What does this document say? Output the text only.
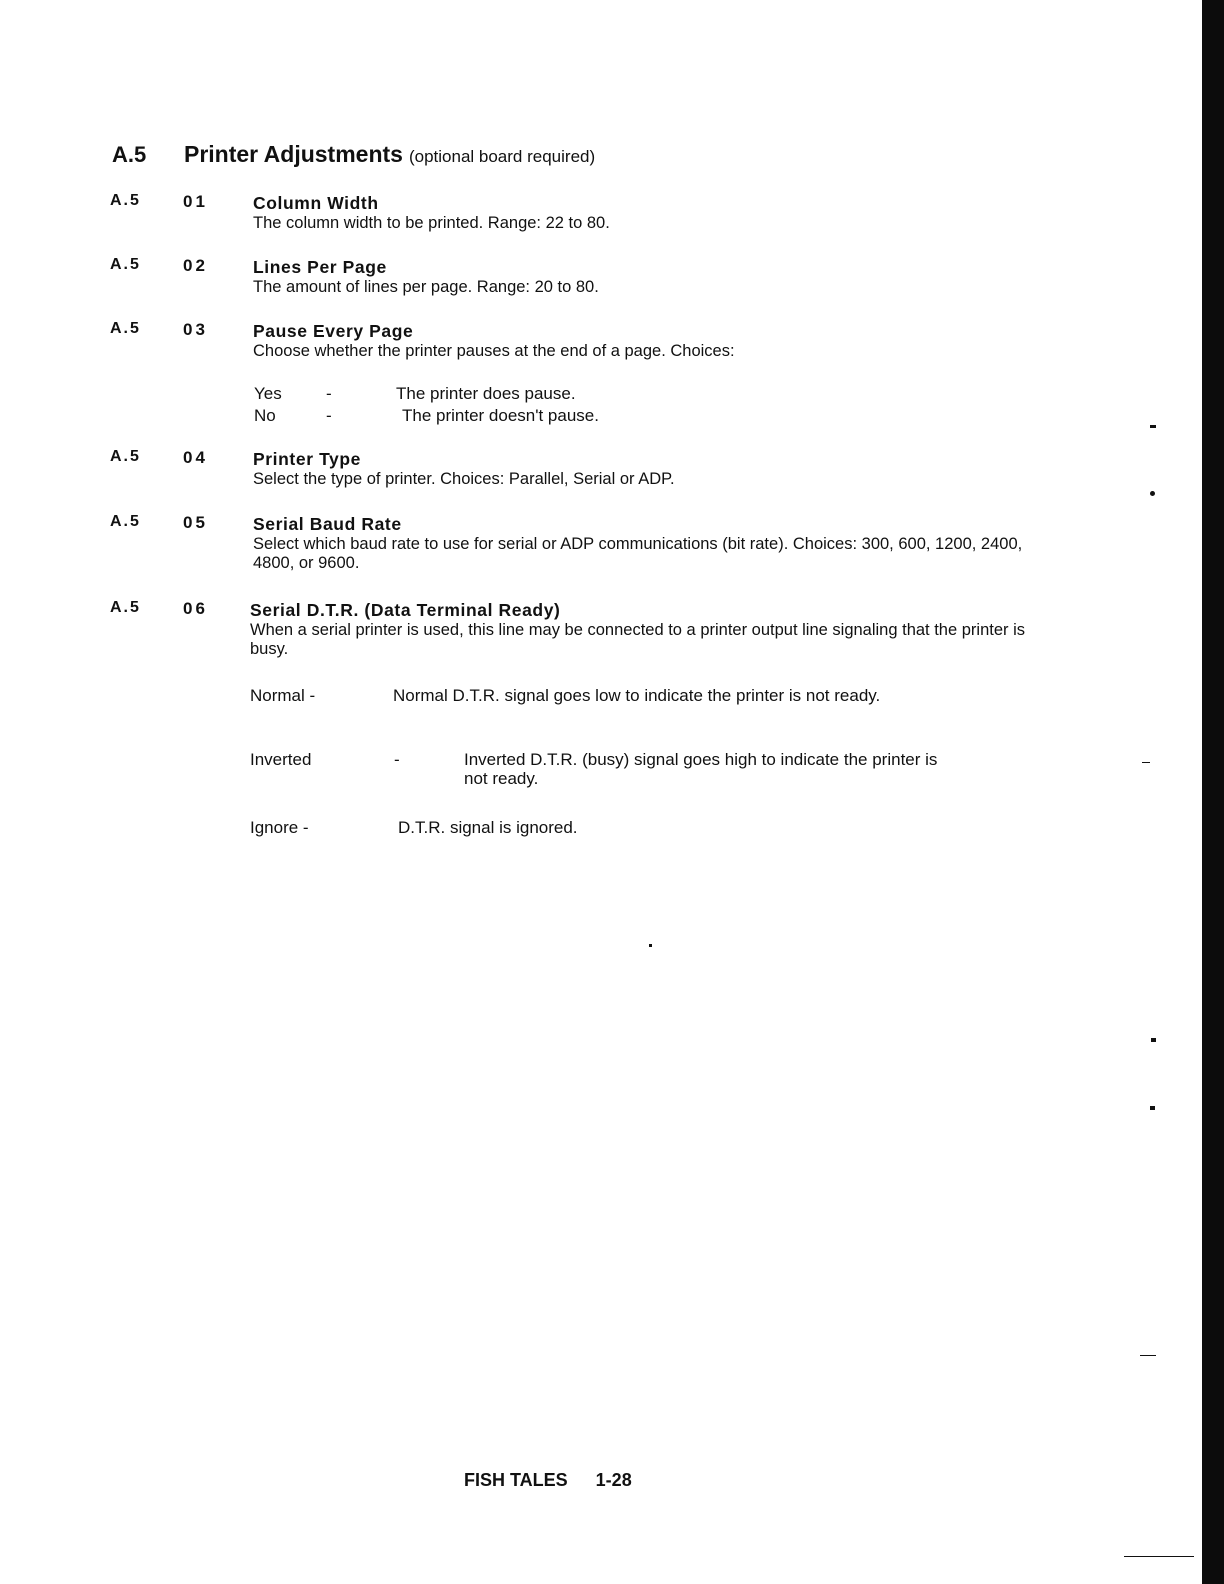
A.5 Printer Adjustments (optional board required)
A.5 01	Column Width
The column width to be printed. Range: 22 to 80.
A.5 02	Lines Per Page
The amount of lines per page. Range: 20 to 80.
A.5 03	Pause Every Page
Choose whether the printer pauses at the end of a page. Choices:
Yes	-	The printer does pause.
No	-	The printer doesn't pause.
A.5 04	Printer Type
Select the type of printer. Choices: Parallel, Serial or ADP.
A.5 05	Serial Baud Rate
Select which baud rate to use for serial or ADP communications (bit rate). Choices: 300, 600, 1200, 2400, 4800, or 9600.
A.5 06 Serial D.T.R. (Data Terminal Ready)
When a serial printer is used, this line may be connected to a printer output line signaling that the printer is busy.
Normal -	Normal D.T.R. signal goes low to indicate the printer is not ready.
Inverted	-	Inverted D.T.R. (busy) signal goes high to indicate the printer is not ready.
Ignore -	D.T.R. signal is ignored.
FISH TALES 1-28
